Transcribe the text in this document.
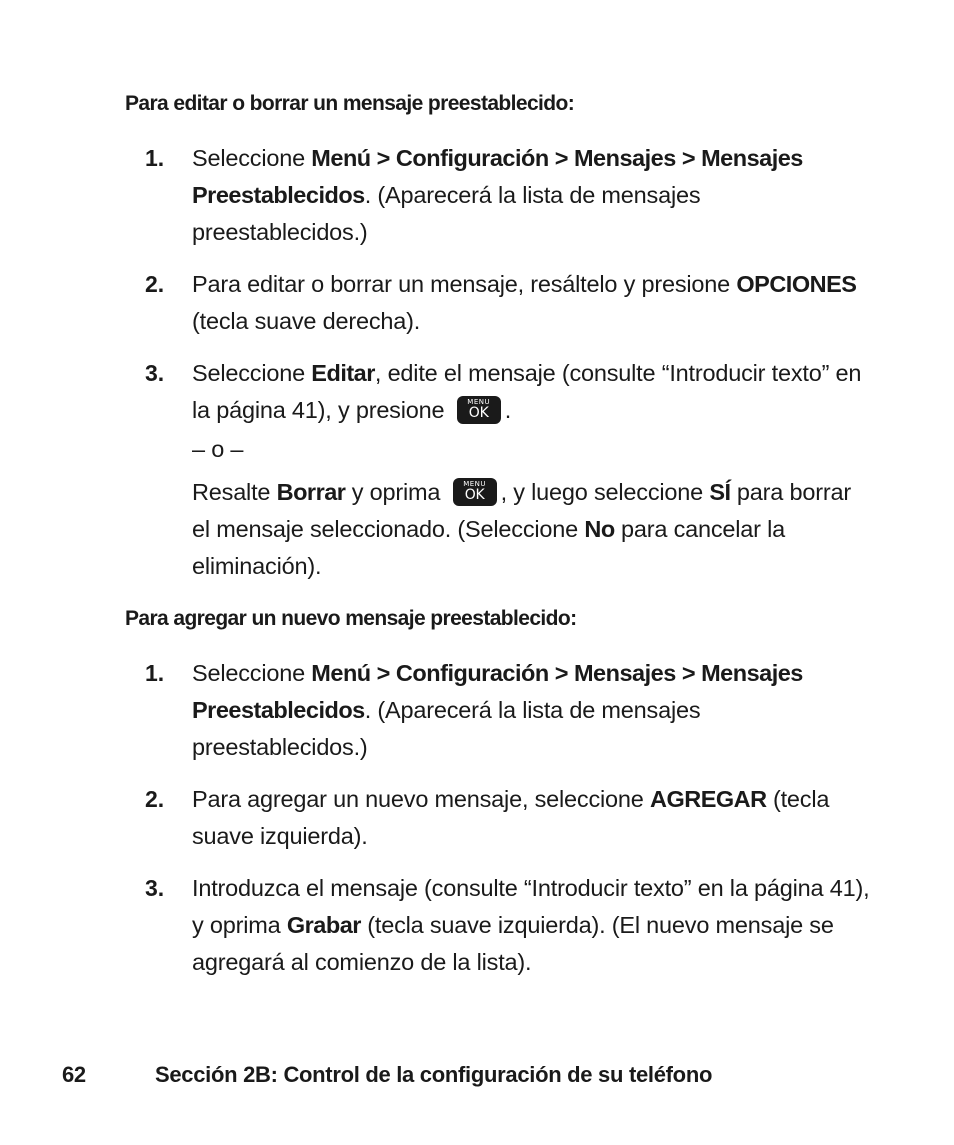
Para editar o borrar un mensaje preestablecido:
1. Seleccione Menú > Configuración > Mensajes > Mensajes Preestablecidos. (Aparecerá la lista de mensajes preestablecidos.)

2. Para editar o borrar un mensaje, resáltelo y presione OPCIONES (tecla suave derecha).

3. Seleccione Editar, edite el mensaje (consulte “Introducir texto” en la página 41), y presione	MENU
OK .

– o –

Resalte Borrar y oprima	MENU
OK , y luego seleccione SÍ para borrar el mensaje seleccionado. (Seleccione No para cancelar la eliminación).

Para agregar un nuevo mensaje preestablecido:
1. Seleccione Menú > Configuración > Mensajes > Mensajes Preestablecidos. (Aparecerá la lista de mensajes preestablecidos.)

2. Para agregar un nuevo mensaje, seleccione AGREGAR (tecla suave izquierda).

3. Introduzca el mensaje (consulte “Introducir texto” en la página 41), y oprima Grabar (tecla suave izquierda). (El nuevo mensaje se agregará al comienzo de la lista).

62	Sección 2B: Control de la configuración de su teléfono
